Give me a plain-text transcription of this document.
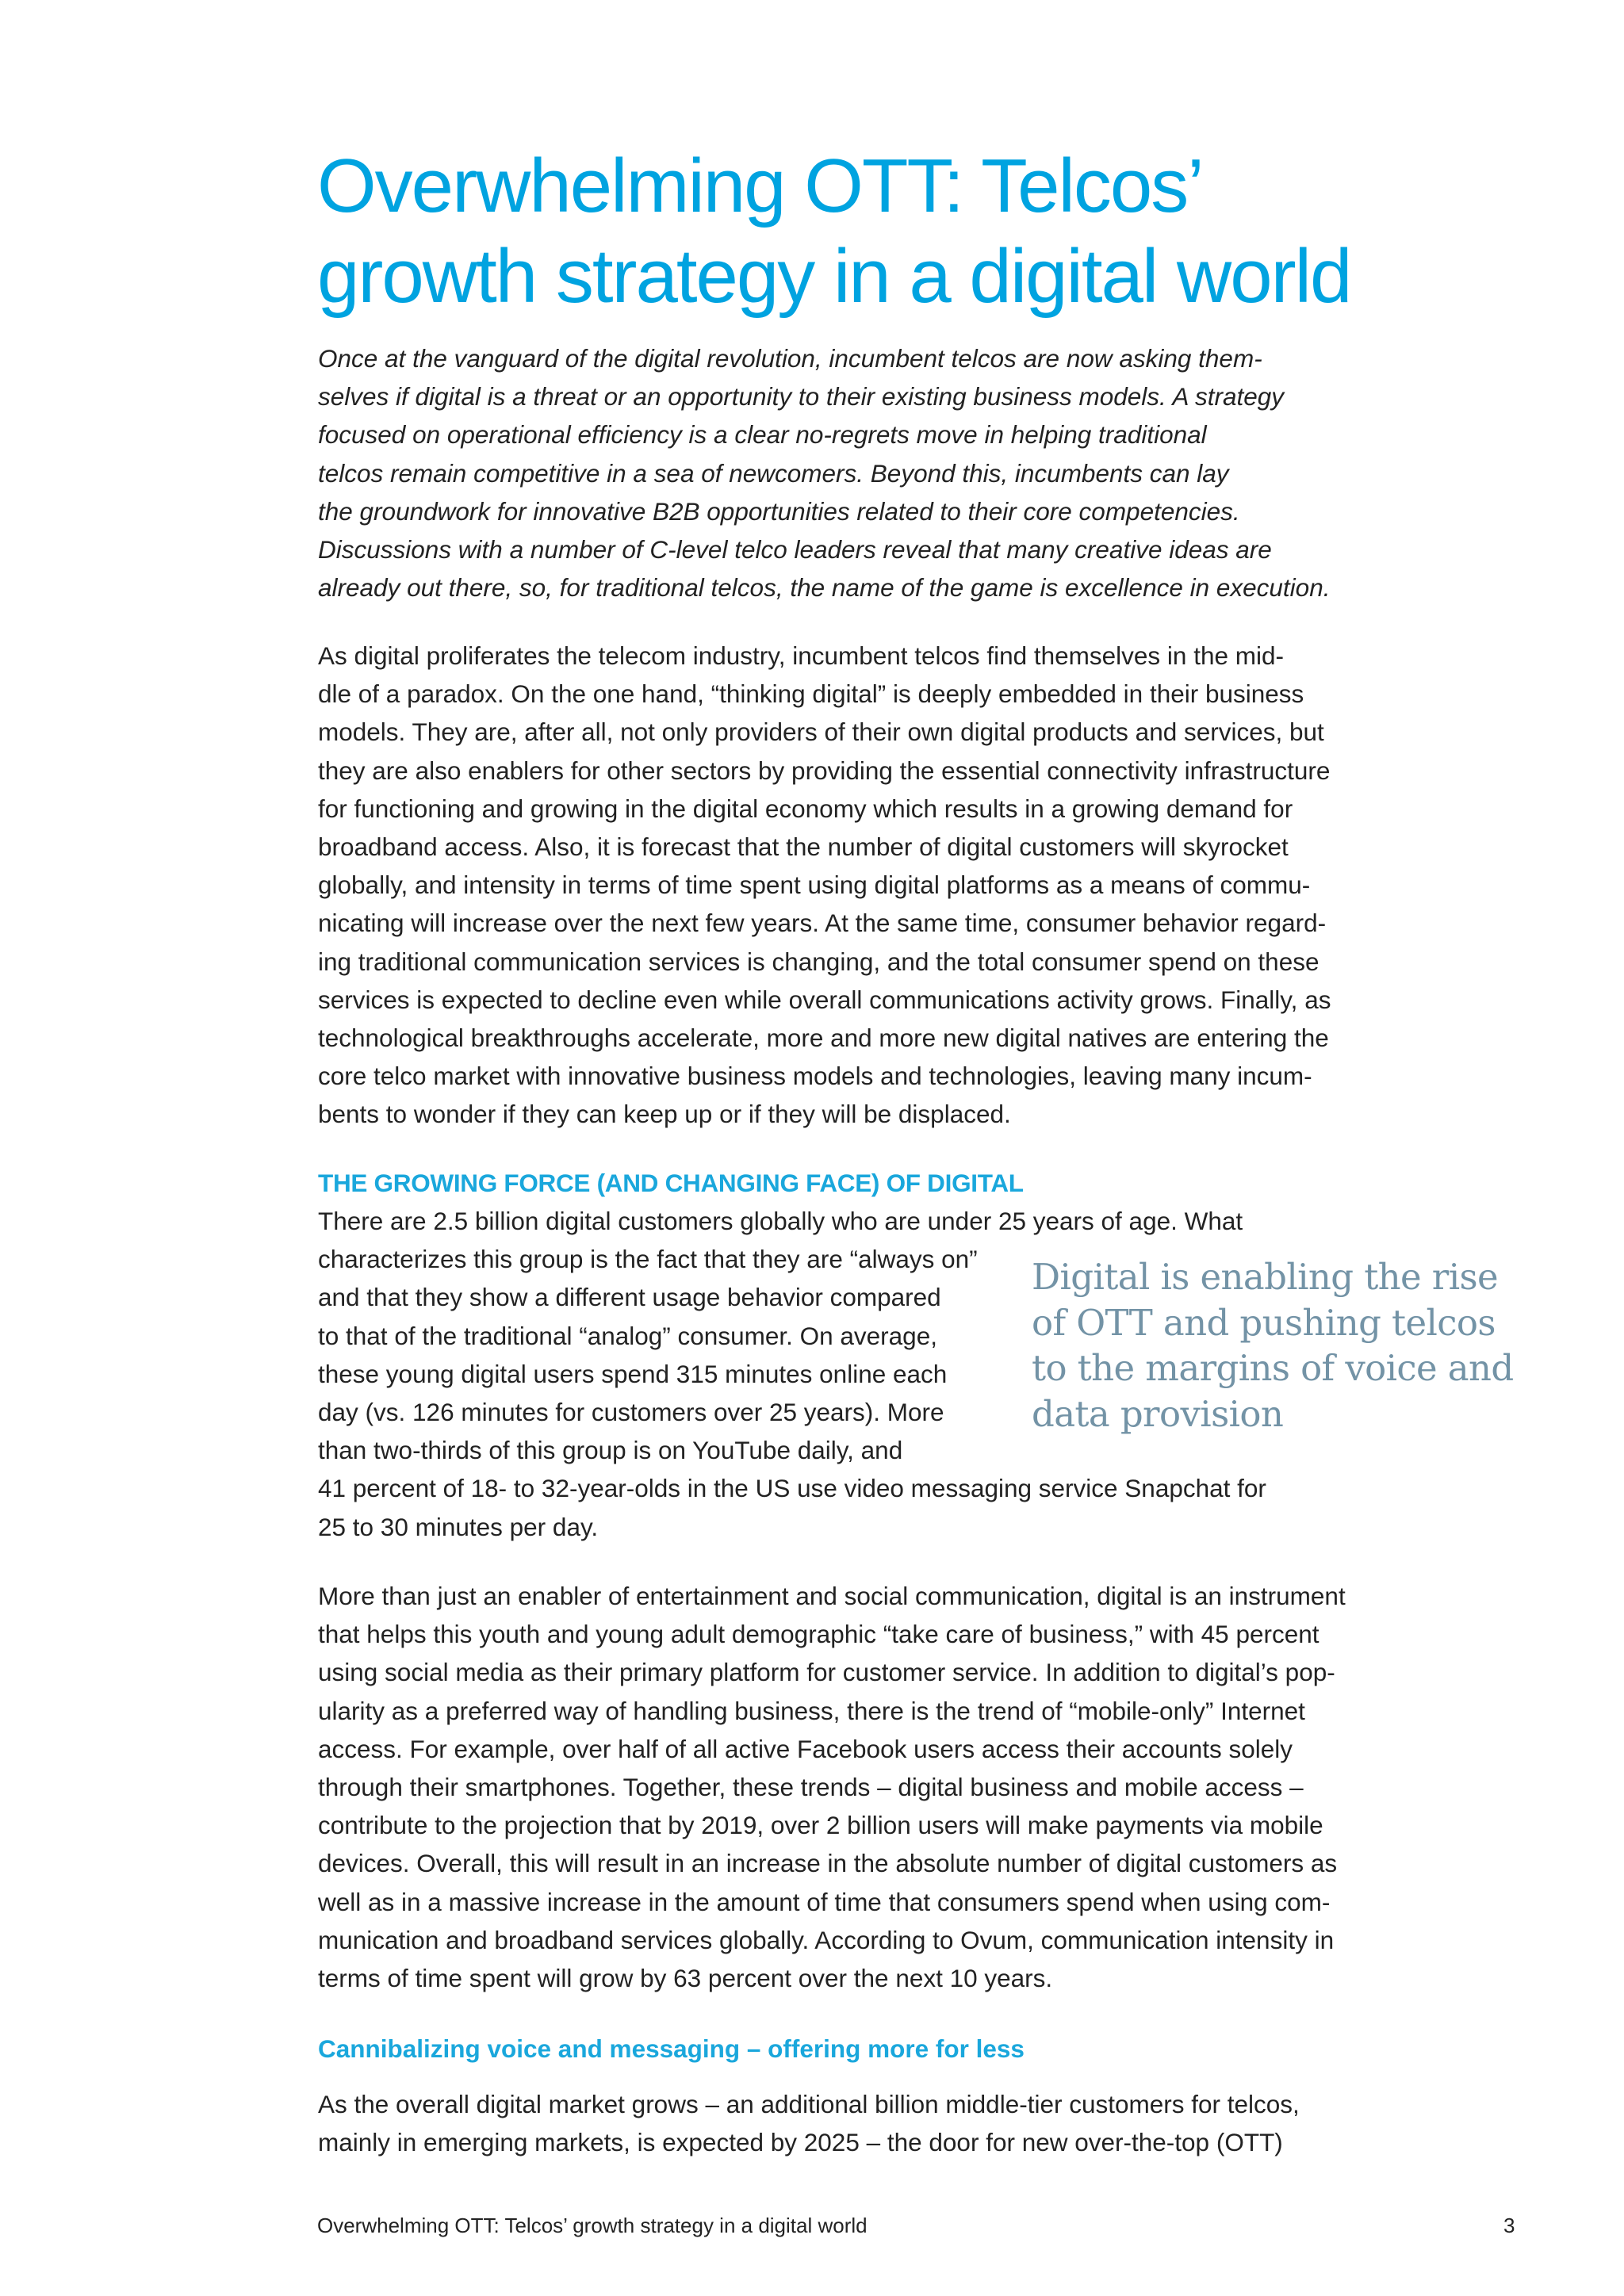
Overwhelming OTT: Telcos’
growth strategy in a digital world

Once at the vanguard of the digital revolution, incumbent telcos are now asking them-
selves if digital is a threat or an opportunity to their existing business models. A strategy
focused on operational efficiency is a clear no-regrets move in helping traditional
telcos remain competitive in a sea of newcomers. Beyond this, incumbents can lay
the groundwork for innovative B2B opportunities related to their core competencies.
Discussions with a number of C-level telco leaders reveal that many creative ideas are
already out there, so, for traditional telcos, the name of the game is excellence in execution.

As digital proliferates the telecom industry, incumbent telcos find themselves in the mid-
dle of a paradox. On the one hand, “thinking digital” is deeply embedded in their business
models. They are, after all, not only providers of their own digital products and services, but
they are also enablers for other sectors by providing the essential connectivity infrastructure
for functioning and growing in the digital economy which results in a growing demand for
broadband access. Also, it is forecast that the number of digital customers will skyrocket
globally, and intensity in terms of time spent using digital platforms as a means of commu-
nicating will increase over the next few years. At the same time, consumer behavior regard-
ing traditional communication services is changing, and the total consumer spend on these
services is expected to decline even while overall communications activity grows. Finally, as
technological breakthroughs accelerate, more and more new digital natives are entering the
core telco market with innovative business models and technologies, leaving many incum-
bents to wonder if they can keep up or if they will be displaced.

THE GROWING FORCE (AND CHANGING FACE) OF DIGITAL

There are 2.5 billion digital customers globally who are under 25 years of age. What
characterizes this group is the fact that they are “always on”
and that they show a different usage behavior compared
to that of the traditional “analog” consumer. On average,
these young digital users spend 315 minutes online each
day (vs. 126 minutes for customers over 25 years). More
than two-thirds of this group is on YouTube daily, and
41 percent of 18- to 32-year-olds in the US use video messaging service Snapchat for
25 to 30 minutes per day.

Digital is enabling the rise
of OTT and pushing telcos
to the margins of voice and
data provision

More than just an enabler of entertainment and social communication, digital is an instrument
that helps this youth and young adult demographic “take care of business,” with 45 percent
using social media as their primary platform for customer service. In addition to digital’s pop-
ularity as a preferred way of handling business, there is the trend of “mobile-only” Internet
access. For example, over half of all active Facebook users access their accounts solely
through their smartphones. Together, these trends – digital business and mobile access –
contribute to the projection that by 2019, over 2 billion users will make payments via mobile
devices. Overall, this will result in an increase in the absolute number of digital customers as
well as in a massive increase in the amount of time that consumers spend when using com-
munication and broadband services globally. According to Ovum, communication intensity in
terms of time spent will grow by 63 percent over the next 10 years.

Cannibalizing voice and messaging – offering more for less

As the overall digital market grows – an additional billion middle-tier customers for telcos,
mainly in emerging markets, is expected by 2025 – the door for new over-the-top (OTT)

Overwhelming OTT: Telcos’ growth strategy in a digital world	3
